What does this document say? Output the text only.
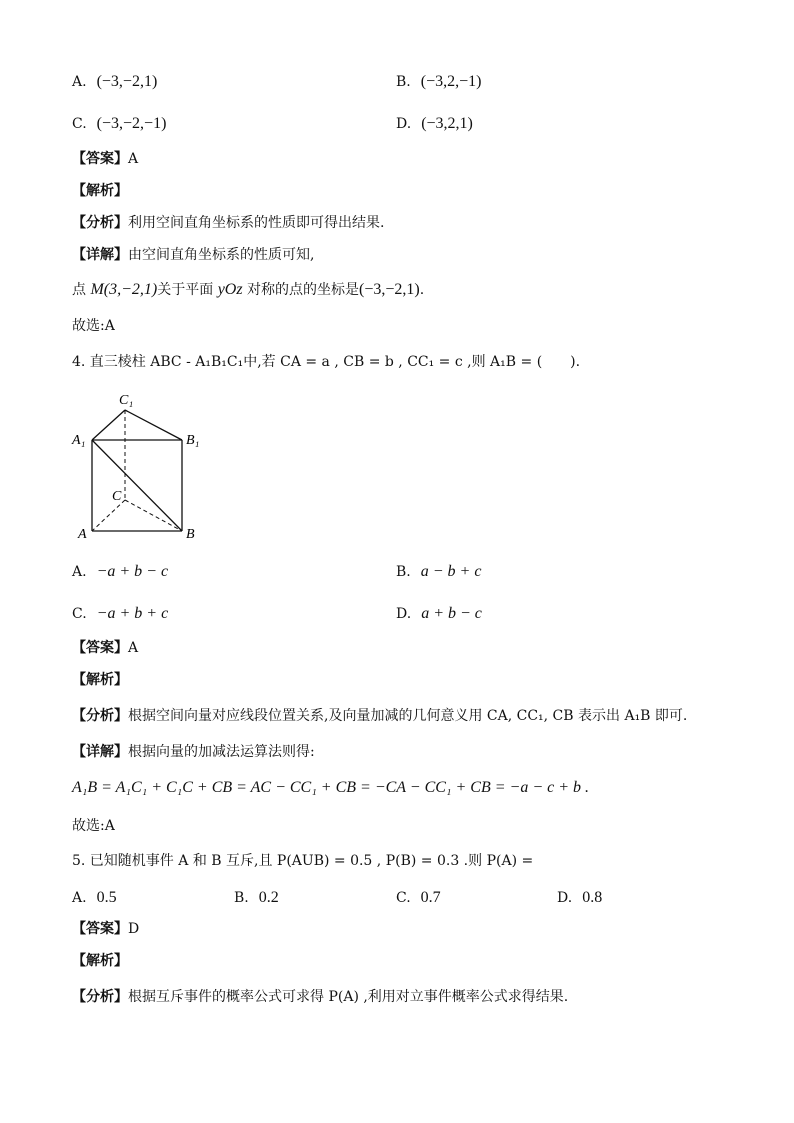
A. (−3,−2,1)	B. (−3,2,−1)
C. (−3,−2,−1)	D. (−3,2,1)
【答案】A
【解析】
【分析】利用空间直角坐标系的性质即可得出结果.
【详解】由空间直角坐标系的性质可知,
点 M(3,−2,1)关于平面 yOz 对称的点的坐标是(−3,−2,1).
故选:A
4. 直三棱柱 ABC - A₁B₁C₁中,若 CA = a , CB = b , CC₁ = c ,则 A₁B = (　　).
C₁
A₁	B₁
C
A	B
A. −a + b − c	B. a − b + c
C. −a + b + c	D. a + b − c
【答案】A
【解析】
【分析】根据空间向量对应线段位置关系,及向量加减的几何意义用 CA, CC₁, CB 表示出 A₁B 即可.
【详解】根据向量的加减法运算法则得:
A₁B = A₁C₁ + C₁C + CB = AC − CC₁ + CB = −CA − CC₁ + CB = −a − c + b .
故选:A
5. 已知随机事件 A 和 B 互斥,且 P(AUB) = 0.5 , P(B) = 0.3 .则 P(A) =
A. 0.5	B. 0.2	C. 0.7	D. 0.8
【答案】D
【解析】
【分析】根据互斥事件的概率公式可求得 P(A) ,利用对立事件概率公式求得结果.
